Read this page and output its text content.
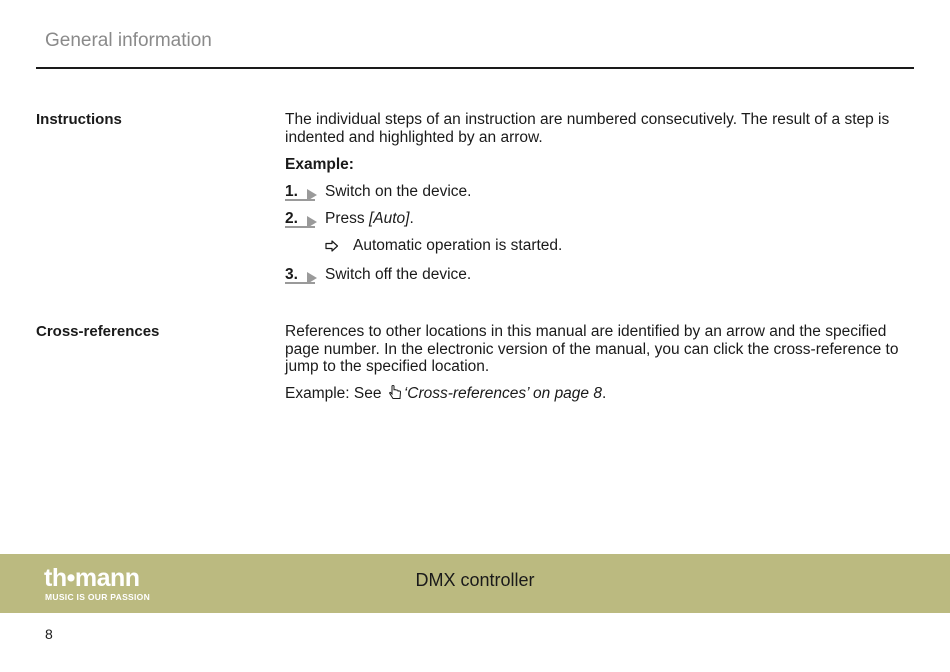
General information
Instructions	The individual steps of an instruction are numbered consecutively. The result of a step is indented and highlighted by an arrow.
Example:
1. Switch on the device.
2. Press [Auto].
Automatic operation is started.
3. Switch off the device.
Cross-references	References to other locations in this manual are identified by an arrow and the specified page number. In the electronic version of the manual, you can click the cross-reference to jump to the specified location.
Example: See ‘Cross-references’ on page 8.
th•mann
MUSIC IS OUR PASSION
DMX controller
8
